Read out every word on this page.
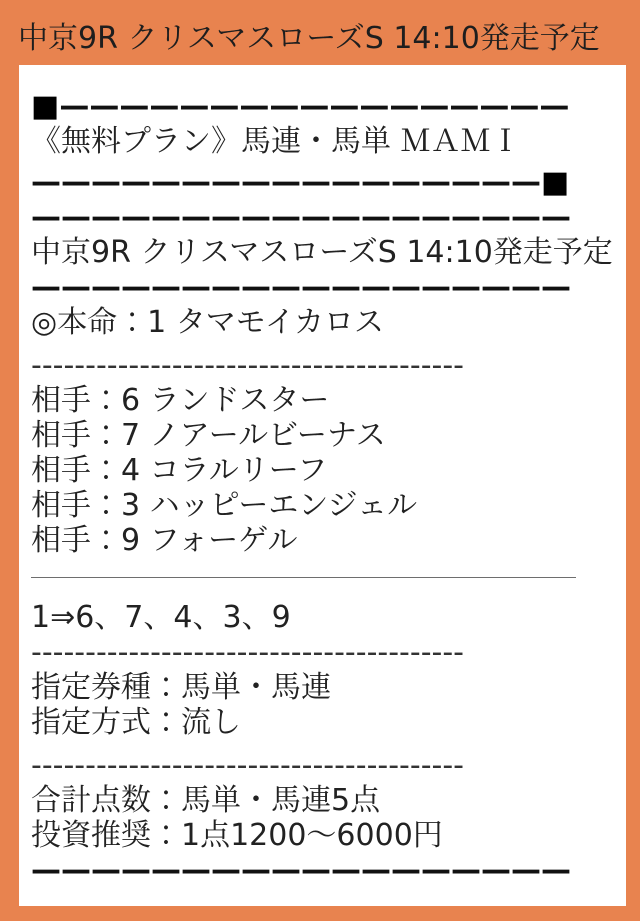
中京9R クリスマスローズS 14:10発走予定
■—————————————————
《無料プラン》馬連・馬単 ＭＡＭＩ
—————————————————■
——————————————————
中京9R クリスマスローズS 14:10発走予定
——————————————————
◎本命：1 タマモイカロス
----------------------------------------
相手：6 ランドスター
相手：7 ノアールビーナス
相手：4 コラルリーフ
相手：3 ハッピーエンジェル
相手：9 フォーゲル
1⇒6、7、4、3、9
----------------------------------------
指定券種：馬単・馬連
指定方式：流し
----------------------------------------
合計点数：馬単・馬連5点
投資推奨：1点1200〜6000円
——————————————————
